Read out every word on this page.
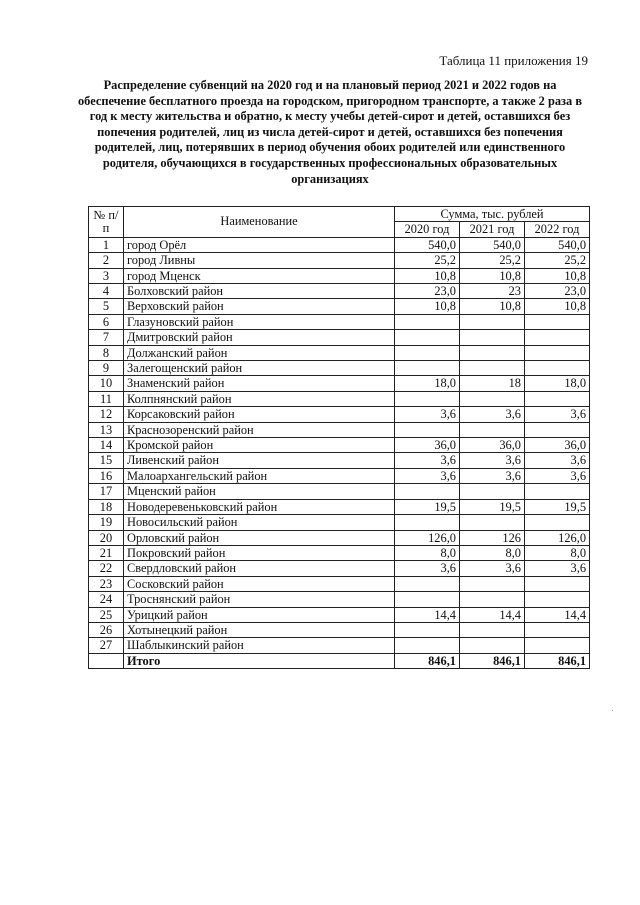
Таблица 11 приложения 19
Распределение субвенций на 2020 год и на плановый период 2021 и 2022 годов на обеспечение бесплатного проезда на городском, пригородном транспорте, а также 2 раза в год к месту жительства и обратно, к месту учебы детей-сирот и детей, оставшихся без попечения родителей, лиц из числа детей-сирот и детей, оставшихся без попечения родителей, лиц, потерявших в период обучения обоих родителей или единственного родителя, обучающихся в государственных профессиональных образовательных организациях
№ п/п	Наименование	Сумма, тыс. рублей		
		2020 год	2021 год	2022 год
1	город Орёл	540,0	540,0	540,0
2	город Ливны	25,2	25,2	25,2
3	город Мценск	10,8	10,8	10,8
4	Болховский район	23,0	23	23,0
5	Верховский район	10,8	10,8	10,8
6	Глазуновский район			
7	Дмитровский район			
8	Должанский район			
9	Залегощенский район			
10	Знаменский район	18,0	18	18,0
11	Колпнянский район			
12	Корсаковский район	3,6	3,6	3,6
13	Краснозоренский район			
14	Кромской район	36,0	36,0	36,0
15	Ливенский район	3,6	3,6	3,6
16	Малоархангельский район	3,6	3,6	3,6
17	Мценский район			
18	Новодеревеньковский район	19,5	19,5	19,5
19	Новосильский район			
20	Орловский район	126,0	126	126,0
21	Покровский район	8,0	8,0	8,0
22	Свердловский район	3,6	3,6	3,6
23	Сосковский район			
24	Троснянский район			
25	Урицкий район	14,4	14,4	14,4
26	Хотынецкий район			
27	Шаблыкинский район			
	Итого	846,1	846,1	846,1
